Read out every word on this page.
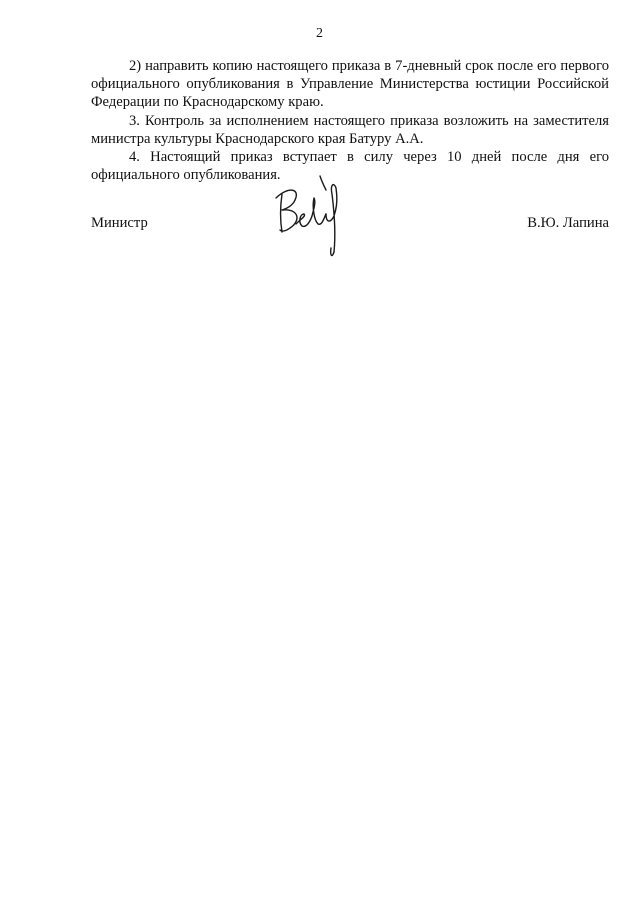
2

2) направить копию настоящего приказа в 7-дневный срок после его первого официального опубликования в Управление Министерства юстиции Российской Федерации по Краснодарскому краю.

3. Контроль за исполнением настоящего приказа возложить на заместителя министра культуры Краснодарского края Батуру А.А.

4. Настоящий приказ вступает в силу через 10 дней после дня его официального опубликования.

Министр	В.Ю. Лапина
